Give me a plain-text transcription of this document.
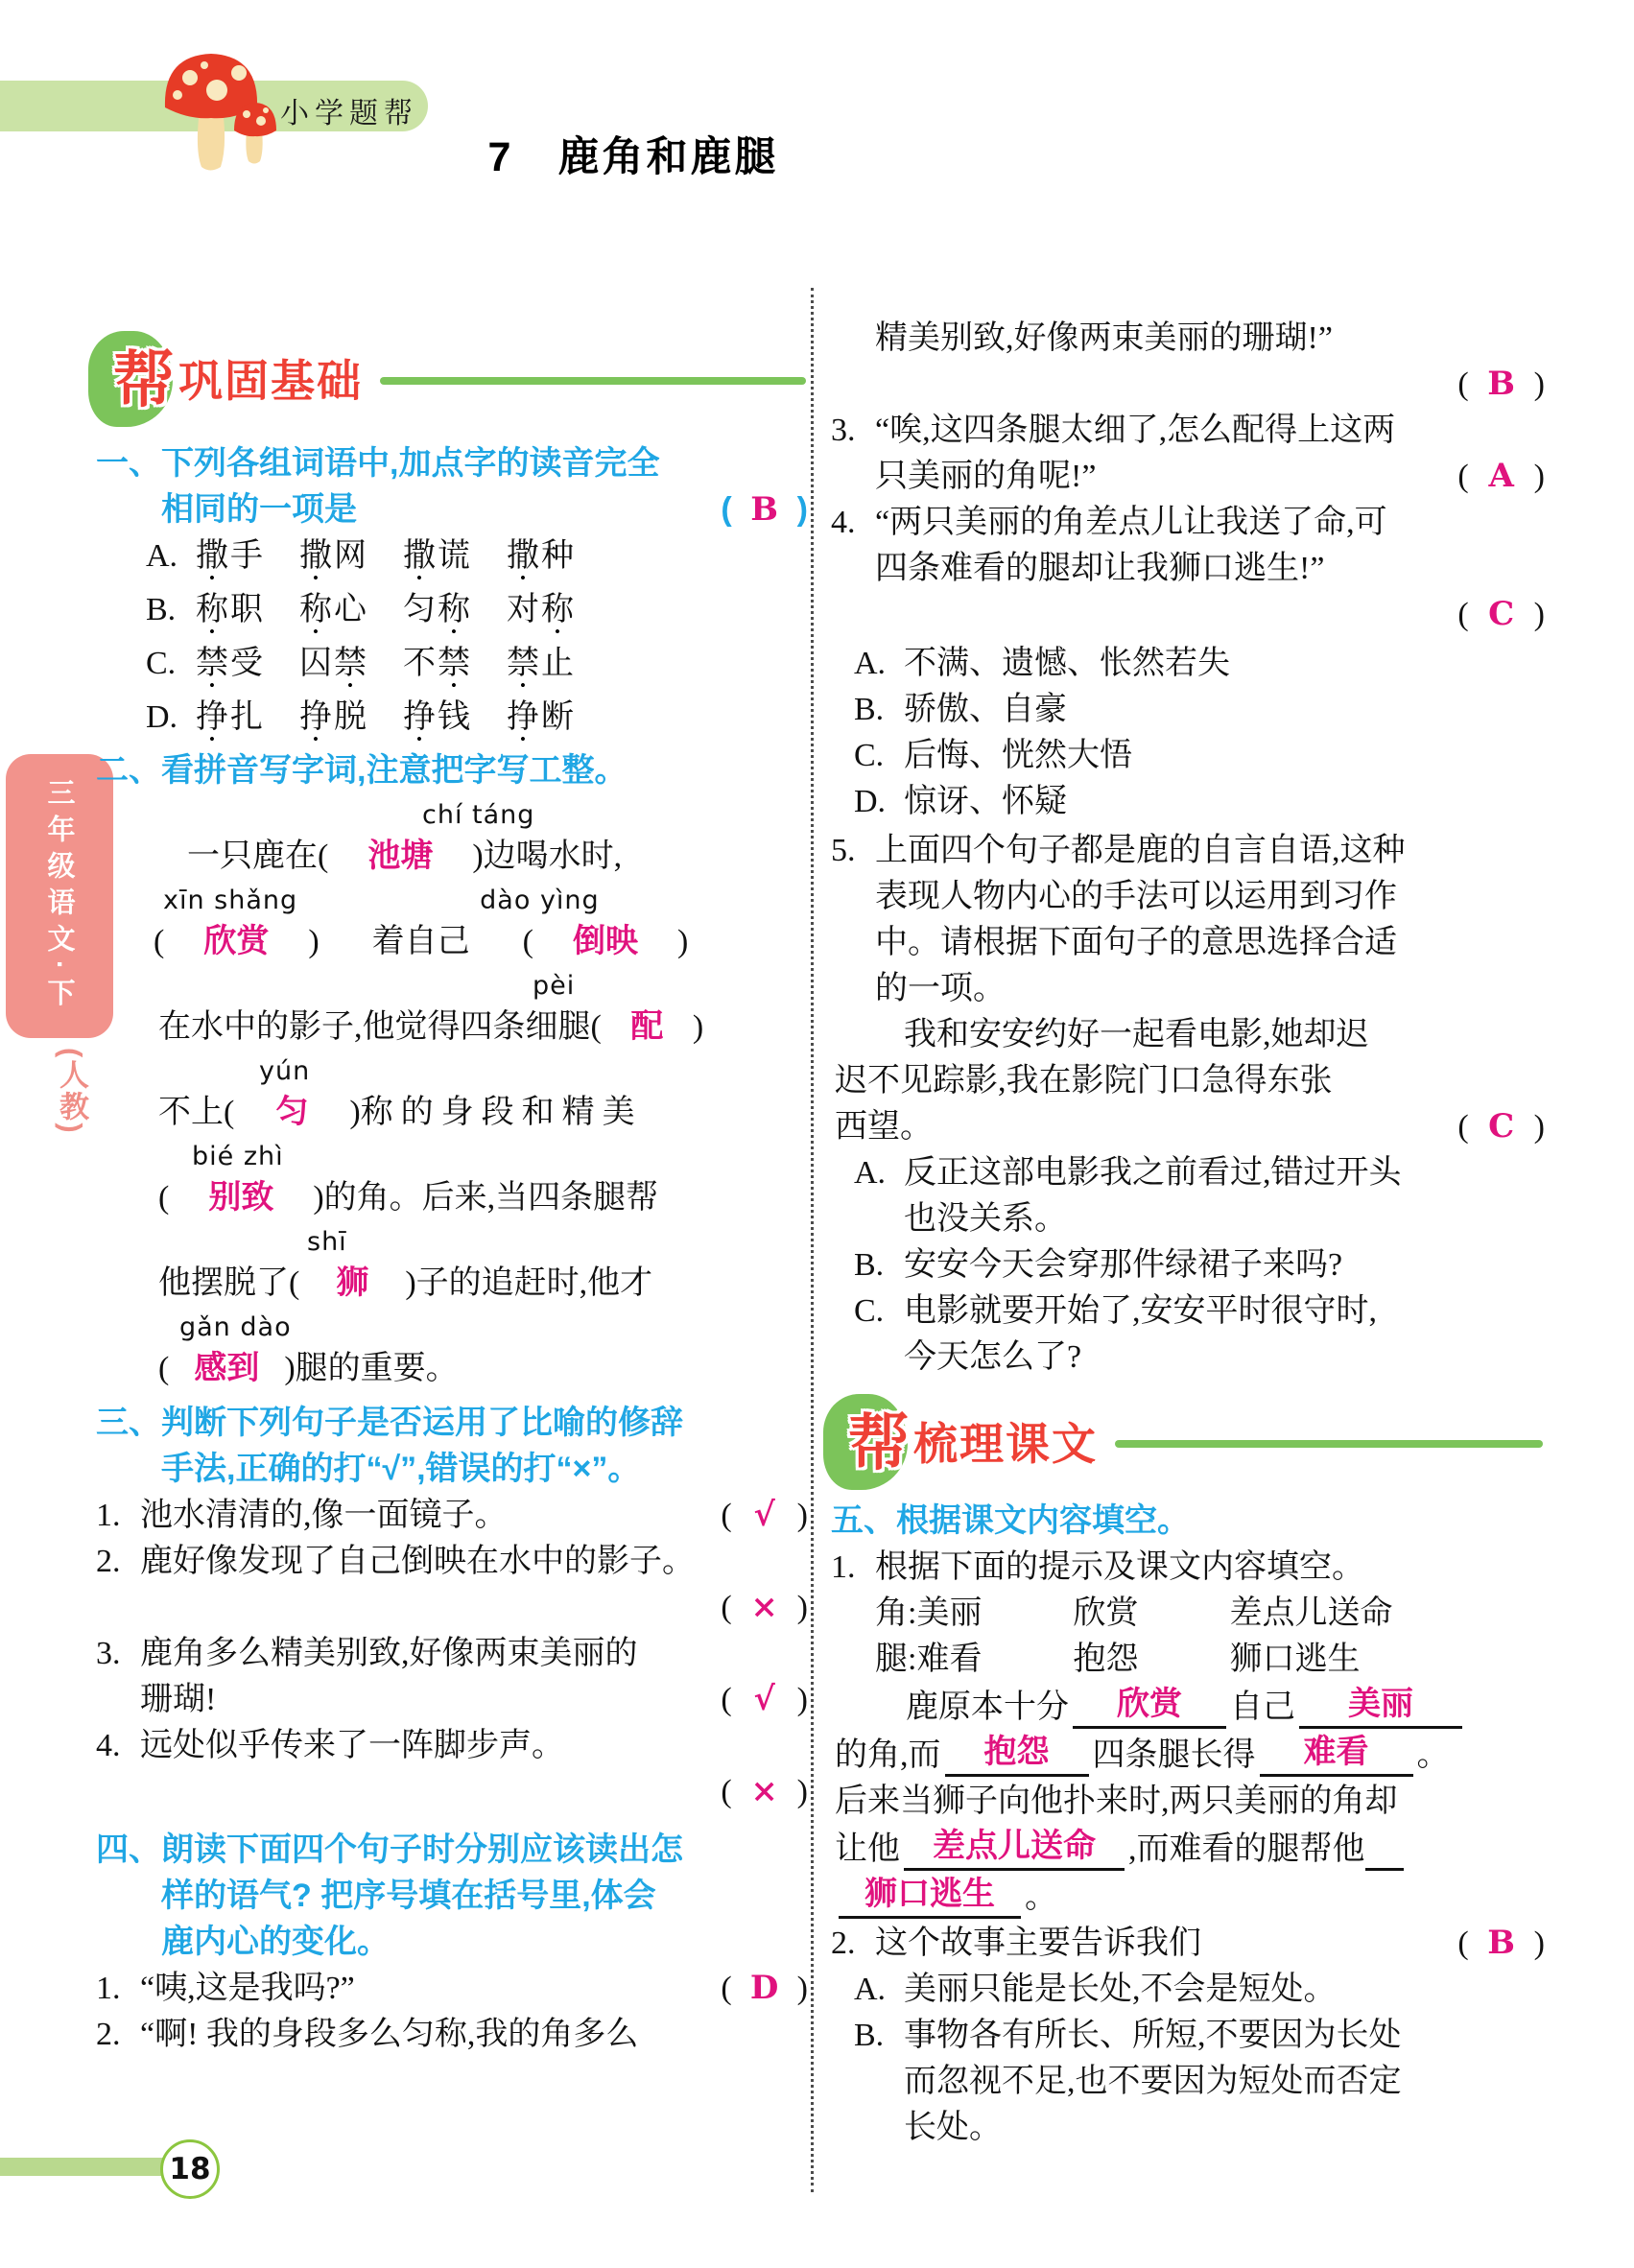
小学题帮
7　鹿角和鹿腿
三年级语文·下
(人教)
帮 巩固基础
一、下列各组词语中,加点字的读音完全
相同的一项是	( B )
A. 撒手	撒网	撒谎	撒种
B. 称职	称心	匀称	对称
C. 禁受	囚禁	不禁	禁止
D. 挣扎	挣脱	挣钱	挣断
二、看拼音写字词,注意把字写工整。
chí táng
一只鹿在( 池塘 )边喝水时,
xīn shǎng	dào yìng
( 欣赏 ) 着自己 ( 倒映 )
pèi
在水中的影子,他觉得四条细腿( 配 )
yún
不上( 匀 )称的身段和精美
bié zhì
( 别致 )的角。后来,当四条腿帮
shī
他摆脱了( 狮 )子的追赶时,他才
gǎn dào
( 感到 )腿的重要。
三、判断下列句子是否运用了比喻的修辞
手法,正确的打“√”,错误的打“×”。
1. 池水清清的,像一面镜子。	( √ )
2. 鹿好像发现了自己倒映在水中的影子。
( × )
3. 鹿角多么精美别致,好像两束美丽的
珊瑚!	( √ )
4. 远处似乎传来了一阵脚步声。
( × )
四、朗读下面四个句子时分别应该读出怎
样的语气? 把序号填在括号里,体会
鹿内心的变化。
1. “咦,这是我吗?”	( D )
2. “啊! 我的身段多么匀称,我的角多么
精美别致,好像两束美丽的珊瑚!”
( B )
3. “唉,这四条腿太细了,怎么配得上这两
只美丽的角呢!”	( A )
4. “两只美丽的角差点儿让我送了命,可
四条难看的腿却让我狮口逃生!”
( C )
A. 不满、遗憾、怅然若失
B. 骄傲、自豪
C. 后悔、恍然大悟
D. 惊讶、怀疑
5. 上面四个句子都是鹿的自言自语,这种
表现人物内心的手法可以运用到习作
中。请根据下面句子的意思选择合适
的一项。
我和安安约好一起看电影,她却迟
迟不见踪影,我在影院门口急得东张
西望。	( C )
A. 反正这部电影我之前看过,错过开头
也没关系。
B. 安安今天会穿那件绿裙子来吗?
C. 电影就要开始了,安安平时很守时,
今天怎么了?
帮 梳理课文
五、根据课文内容填空。
1. 根据下面的提示及课文内容填空。
角:美丽	欣赏	差点儿送命
腿:难看	抱怨	狮口逃生
鹿原本十分 欣赏 自己 美丽
的角,而 抱怨 四条腿长得 难看 。
后来当狮子向他扑来时,两只美丽的角却
让他 差点儿送命 ,而难看的腿帮他
狮口逃生 。
2. 这个故事主要告诉我们	( B )
A. 美丽只能是长处,不会是短处。
B. 事物各有所长、所短,不要因为长处
而忽视不足,也不要因为短处而否定
长处。
18
